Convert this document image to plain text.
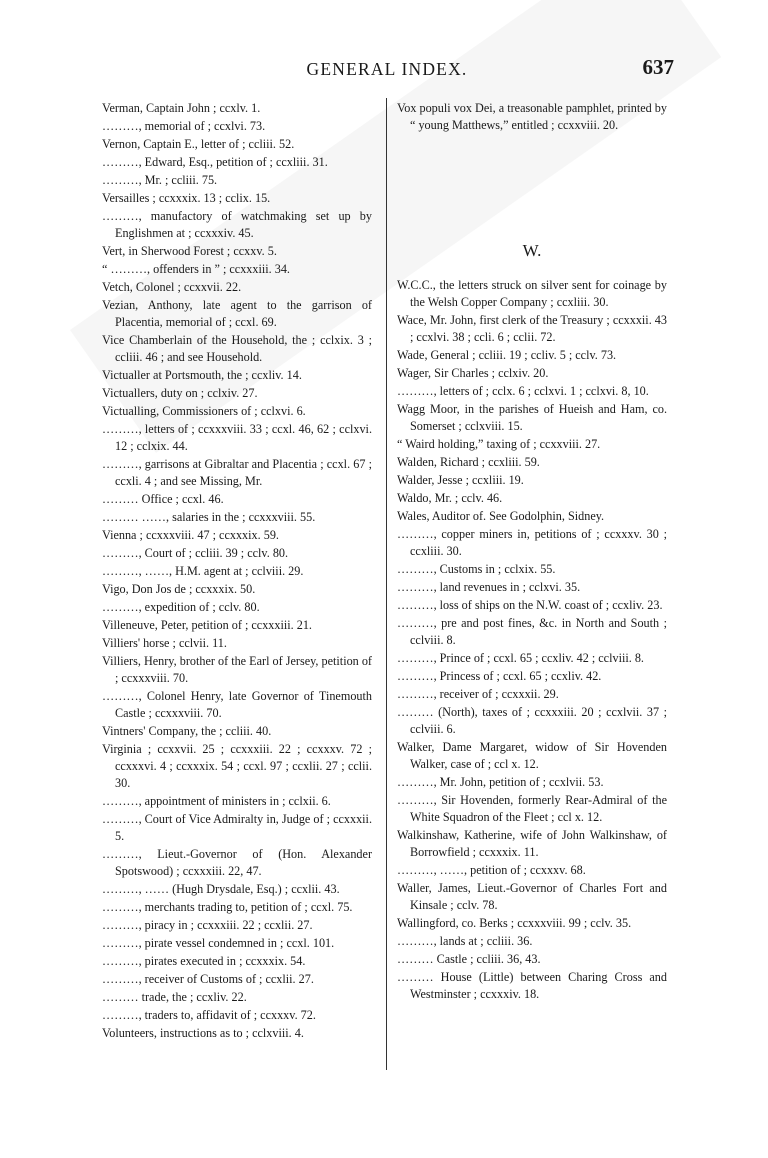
GENERAL INDEX.	637
Verman, Captain John ; ccxlv. 1.
………, memorial of ; ccxlvi. 73.
Vernon, Captain E., letter of ; ccliii. 52.
………, Edward, Esq., petition of ; ccxliii. 31.
………, Mr. ; ccliii. 75.
Versailles ; ccxxxix. 13 ; cclix. 15.
………, manufactory of watchmaking set up by Englishmen at ; ccxxxiv. 45.
Vert, in Sherwood Forest ; ccxxv. 5.
“ ………, offenders in ” ; ccxxxiii. 34.
Vetch, Colonel ; ccxxvii. 22.
Vezian, Anthony, late agent to the garrison of Placentia, memorial of ; ccxl. 69.
Vice Chamberlain of the Household, the ; cclxix. 3 ; ccliii. 46 ; and see Household.
Victualler at Portsmouth, the ; ccxliv. 14.
Victuallers, duty on ; cclxiv. 27.
Victualling, Commissioners of ; cclxvi. 6.
………, letters of ; ccxxxviii. 33 ; ccxl. 46, 62 ; cclxvi. 12 ; cclxix. 44.
………, garrisons at Gibraltar and Placentia ; ccxl. 67 ; ccxli. 4 ; and see Missing, Mr.
……… Office ; ccxl. 46.
……… ……, salaries in the ; ccxxxviii. 55.
Vienna ; ccxxxviii. 47 ; ccxxxix. 59.
………, Court of ; ccliii. 39 ; cclv. 80.
………, ……, H.M. agent at ; cclviii. 29.
Vigo, Don Jos de ; ccxxxix. 50.
………, expedition of ; cclv. 80.
Villeneuve, Peter, petition of ; ccxxxiii. 21.
Villiers' horse ; cclvii. 11.
Villiers, Henry, brother of the Earl of Jersey, petition of ; ccxxxviii. 70.
………, Colonel Henry, late Governor of Tinemouth Castle ; ccxxxviii. 70.
Vintners' Company, the ; ccliii. 40.
Virginia ; ccxxvii. 25 ; ccxxxiii. 22 ; ccxxxv. 72 ; ccxxxvi. 4 ; ccxxxix. 54 ; ccxl. 97 ; ccxlii. 27 ; cclii. 30.
………, appointment of ministers in ; cclxii. 6.
………, Court of Vice Admiralty in, Judge of ; ccxxxii. 5.
………, Lieut.-Governor of (Hon. Alexander Spotswood) ; ccxxxiii. 22, 47.
………, …… (Hugh Drysdale, Esq.) ; ccxlii. 43.
………, merchants trading to, petition of ; ccxl. 75.
………, piracy in ; ccxxxiii. 22 ; ccxlii. 27.
………, pirate vessel condemned in ; ccxl. 101.
………, pirates executed in ; ccxxxix. 54.
………, receiver of Customs of ; ccxlii. 27.
……… trade, the ; ccxliv. 22.
………, traders to, affidavit of ; ccxxxv. 72.
Volunteers, instructions as to ; cclxviii. 4.
Vox populi vox Dei, a treasonable pamphlet, printed by “ young Matthews,” entitled ; ccxxviii. 20.
W.
W.C.C., the letters struck on silver sent for coinage by the Welsh Copper Company ; ccxliii. 30.
Wace, Mr. John, first clerk of the Treasury ; ccxxxii. 43 ; ccxlvi. 38 ; ccli. 6 ; cclii. 72.
Wade, General ; ccliii. 19 ; ccliv. 5 ; cclv. 73.
Wager, Sir Charles ; cclxiv. 20.
………, letters of ; cclx. 6 ; cclxvi. 1 ; cclxvi. 8, 10.
Wagg Moor, in the parishes of Hueish and Ham, co. Somerset ; cclxviii. 15.
“ Waird holding,” taxing of ; ccxxviii. 27.
Walden, Richard ; ccxliii. 59.
Walder, Jesse ; ccxliii. 19.
Waldo, Mr. ; cclv. 46.
Wales, Auditor of. See Godolphin, Sidney.
………, copper miners in, petitions of ; ccxxxv. 30 ; ccxliii. 30.
………, Customs in ; cclxix. 55.
………, land revenues in ; cclxvi. 35.
………, loss of ships on the N.W. coast of ; ccxliv. 23.
………, pre and post fines, &c. in North and South ; cclviii. 8.
………, Prince of ; ccxl. 65 ; ccxliv. 42 ; cclviii. 8.
………, Princess of ; ccxl. 65 ; ccxliv. 42.
………, receiver of ; ccxxxii. 29.
……… (North), taxes of ; ccxxxiii. 20 ; ccxlvii. 37 ; cclviii. 6.
Walker, Dame Margaret, widow of Sir Hovenden Walker, case of ; ccl x. 12.
………, Mr. John, petition of ; ccxlvii. 53.
………, Sir Hovenden, formerly Rear-Admiral of the White Squadron of the Fleet ; ccl x. 12.
Walkinshaw, Katherine, wife of John Walkinshaw, of Borrowfield ; ccxxxix. 11.
………, ……, petition of ; ccxxxv. 68.
Waller, James, Lieut.-Governor of Charles Fort and Kinsale ; cclv. 78.
Wallingford, co. Berks ; ccxxxviii. 99 ; cclv. 35.
………, lands at ; ccliii. 36.
……… Castle ; ccliii. 36, 43.
……… House (Little) between Charing Cross and Westminster ; ccxxxiv. 18.
